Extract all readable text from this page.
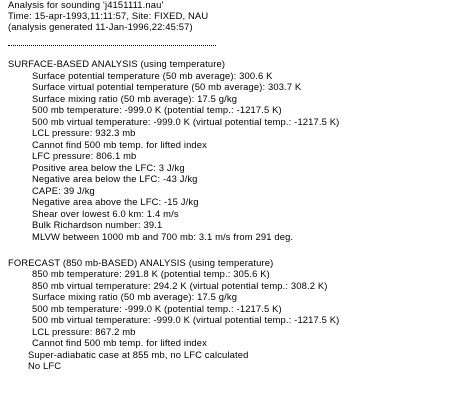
Analysis for sounding 'j4151111.nau'
Time: 15-apr-1993,11:11:57, Site: FIXED, NAU
(analysis generated 11-Jan-1996,22:45:57)
SURFACE-BASED ANALYSIS (using temperature)
Surface potential temperature (50 mb average): 300.6 K
Surface virtual potential temperature (50 mb average): 303.7 K
Surface mixing ratio (50 mb average): 17.5 g/kg
500 mb temperature: -999.0 K (potential temp.: -1217.5 K)
500 mb virtual temperature: -999.0 K (virtual potential temp.: -1217.5 K)
LCL pressure: 932.3 mb
Cannot find 500 mb temp. for lifted index
LFC pressure: 806.1 mb
Positive area below the LFC: 3 J/kg
Negative area below the LFC: -43 J/kg
CAPE: 39 J/kg
Negative area above the LFC: -15 J/kg
Shear over lowest 6.0 km: 1.4 m/s
Bulk Richardson number: 39.1
MLVW between 1000 mb and 700 mb: 3.1 m/s from 291 deg.
FORECAST (850 mb-BASED) ANALYSIS (using temperature)
850 mb temperature: 291.8 K (potential temp.: 305.6 K)
850 mb virtual temperature: 294.2 K (virtual potential temp.: 308.2 K)
Surface mixing ratio (50 mb average): 17.5 g/kg
500 mb temperature: -999.0 K (potential temp.: -1217.5 K)
500 mb virtual temperature: -999.0 K (virtual potential temp.: -1217.5 K)
LCL pressure: 867.2 mb
Cannot find 500 mb temp. for lifted index
Super-adiabatic case at 855 mb, no LFC calculated
No LFC
